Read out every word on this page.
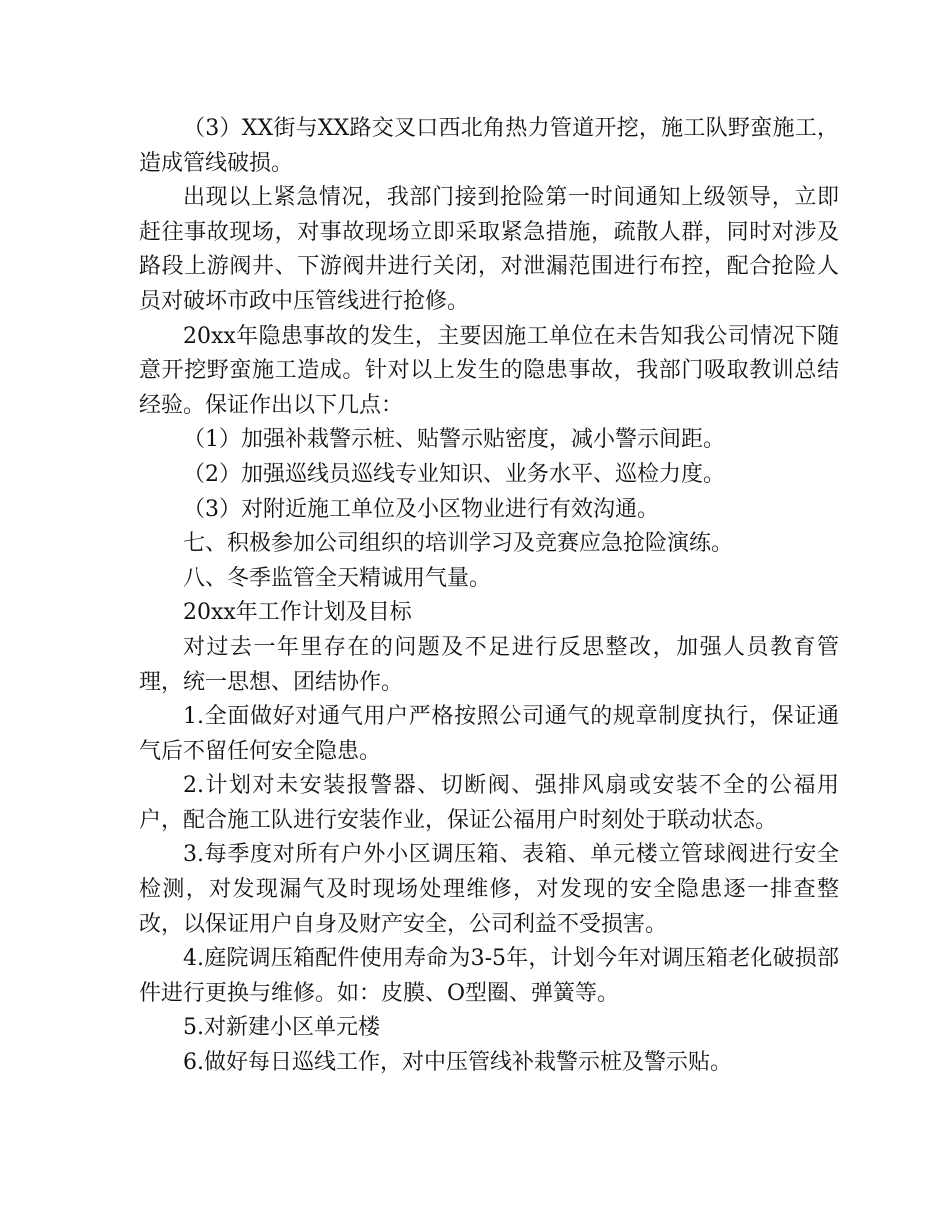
（3）XX街与XX路交叉口西北角热力管道开挖，施工队野蛮施工，造成管线破损。

出现以上紧急情况，我部门接到抢险第一时间通知上级领导，立即赶往事故现场，对事故现场立即采取紧急措施，疏散人群，同时对涉及路段上游阀井、下游阀井进行关闭，对泄漏范围进行布控，配合抢险人员对破坏市政中压管线进行抢修。

20xx年隐患事故的发生，主要因施工单位在未告知我公司情况下随意开挖野蛮施工造成。针对以上发生的隐患事故，我部门吸取教训总结经验。保证作出以下几点：

（1）加强补栽警示桩、贴警示贴密度，减小警示间距。

（2）加强巡线员巡线专业知识、业务水平、巡检力度。

（3）对附近施工单位及小区物业进行有效沟通。

七、积极参加公司组织的培训学习及竞赛应急抢险演练。

八、冬季监管全天精诚用气量。

20xx年工作计划及目标

对过去一年里存在的问题及不足进行反思整改，加强人员教育管理，统一思想、团结协作。

1.全面做好对通气用户严格按照公司通气的规章制度执行，保证通气后不留任何安全隐患。

2.计划对未安装报警器、切断阀、强排风扇或安装不全的公福用户，配合施工队进行安装作业，保证公福用户时刻处于联动状态。

3.每季度对所有户外小区调压箱、表箱、单元楼立管球阀进行安全检测，对发现漏气及时现场处理维修，对发现的安全隐患逐一排查整改，以保证用户自身及财产安全，公司利益不受损害。

4.庭院调压箱配件使用寿命为3-5年，计划今年对调压箱老化破损部件进行更换与维修。如：皮膜、O型圈、弹簧等。

5.对新建小区单元楼

6.做好每日巡线工作，对中压管线补栽警示桩及警示贴。
